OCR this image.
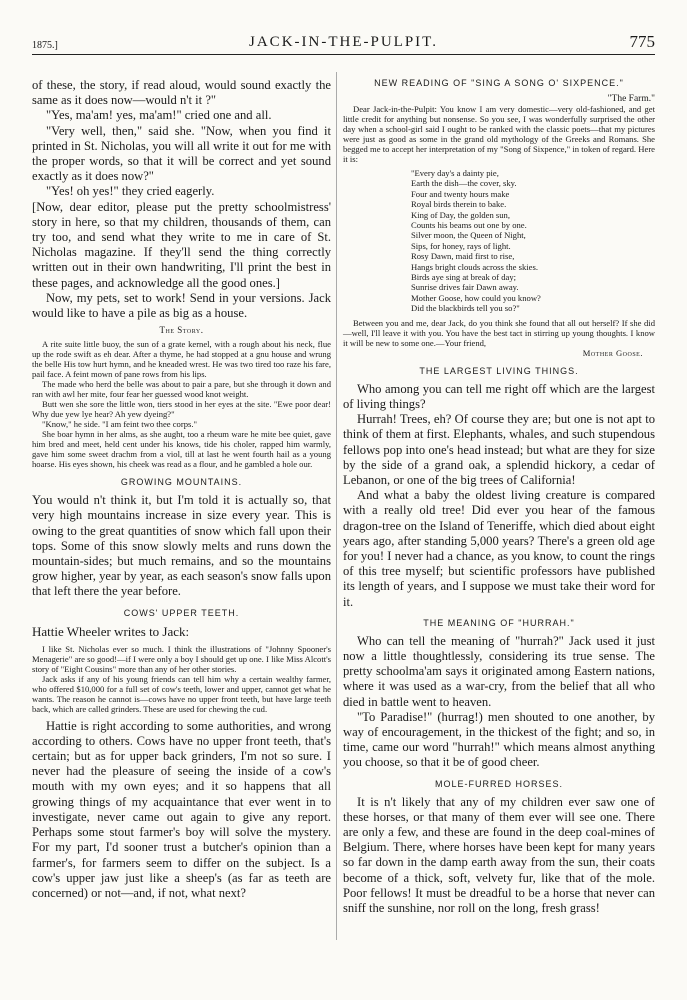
1875.]	JACK-IN-THE-PULPIT.	775

of these, the story, if read aloud, would sound exactly the same as it does now—would n't it ?"

"Yes, ma'am! yes, ma'am!" cried one and all.

"Very well, then," said she. "Now, when you find it printed in St. Nicholas, you will all write it out for me with the proper words, so that it will be correct and yet sound exactly as it does now?"

"Yes! oh yes!" they cried eagerly.

[Now, dear editor, please put the pretty schoolmistress' story in here, so that my children, thousands of them, can try too, and send what they write to me in care of St. Nicholas magazine. If they'll send the thing correctly written out in their own handwriting, I'll print the best in these pages, and acknowledge all the good ones.]

Now, my pets, set to work! Send in your versions. Jack would like to have a pile as big as a house.

The Story.

A rite suite little buoy, the sun of a grate kernel, with a rough about his neck, flue up the rode swift as eh dear. After a thyme, he had stopped at a gnu house and wrung the belle His tow hurt hymn, and he kneaded wrest. He was two tired too raze his fare, pail face. A feint mown of pane rows from his lips.

The made who herd the belle was about to pair a pare, but she through it down and ran with awl her mite, four fear her guessed wood knot weight.

Butt wen she sore the little won, tiers stood in her eyes at the site. "Ewe poor dear! Why due yew lye hear? Ah yew dyeing?"

"Know," he side. "I am feint two thee corps."

She boar hymn in her alms, as she aught, too a rheum ware he mite bee quiet, gave him bred and meet, held cent under his knows, tide his choler, rapped him warmly, gave him some sweet drachm from a viol, till at last he went fourth hail as a young hoarse. His eyes shown, his cheek was read as a flour, and he gambled a hole our.

GROWING MOUNTAINS.

You would n't think it, but I'm told it is actually so, that very high mountains increase in size every year. This is owing to the great quantities of snow which fall upon their tops. Some of this snow slowly melts and runs down the mountain-sides; but much remains, and so the mountains grow higher, year by year, as each season's snow falls upon that left there the year before.

COWS' UPPER TEETH.
Hattie Wheeler writes to Jack:

I like St. Nicholas ever so much. I think the illustrations of "Johnny Spooner's Menagerie" are so good!—if I were only a boy I should get up one. I like Miss Alcott's story of "Eight Cousins" more than any of her other stories.

Jack asks if any of his young friends can tell him why a certain wealthy farmer, who offered $10,000 for a full set of cow's teeth, lower and upper, cannot get what he wants. The reason he cannot is—cows have no upper front teeth, but have large teeth back, which are called grinders. These are used for chewing the cud.

Hattie is right according to some authorities, and wrong according to others. Cows have no upper front teeth, that's certain; but as for upper back grinders, I'm not so sure. I never had the pleasure of seeing the inside of a cow's mouth with my own eyes; and it so happens that all growing things of my acquaintance that ever went in to investigate, never came out again to give any report. Perhaps some stout farmer's boy will solve the mystery. For my part, I'd sooner trust a butcher's opinion than a farmer's, for farmers seem to differ on the subject. Is a cow's upper jaw just like a sheep's (as far as teeth are concerned) or not—and, if not, what next?

NEW READING OF "SING A SONG O' SIXPENCE."
"The Farm."

Dear Jack-in-the-Pulpit: You know I am very domestic—very old-fashioned, and get little credit for anything but nonsense. So you see, I was wonderfully surprised the other day when a school-girl said I ought to be ranked with the classic poets—that my pictures were just as good as some in the grand old mythology of the Greeks and Romans. She begged me to accept her interpretation of my "Song of Sixpence," in token of regard. Here it is:

"Every day's a dainty pie,
Earth the dish—the cover, sky.
Four and twenty hours make
Royal birds therein to bake.
King of Day, the golden sun,
Counts his beams out one by one.
Silver moon, the Queen of Night,
Sips, for honey, rays of light.
Rosy Dawn, maid first to rise,
Hangs bright clouds across the skies.
Birds aye sing at break of day;
Sunrise drives fair Dawn away.
Mother Goose, how could you know?
Did the blackbirds tell you so?"

Between you and me, dear Jack, do you think she found that all out herself? If she did—well, I'll leave it with you. You have the best tact in stirring up young thoughts. I know it will be new to some one.—Your friend,

Mother Goose.
THE LARGEST LIVING THINGS.

Who among you can tell me right off which are the largest of living things?

Hurrah! Trees, eh? Of course they are; but one is not apt to think of them at first. Elephants, whales, and such stupendous fellows pop into one's head instead; but what are they for size by the side of a grand oak, a splendid hickory, a cedar of Lebanon, or one of the big trees of California!

And what a baby the oldest living creature is compared with a really old tree! Did ever you hear of the famous dragon-tree on the Island of Teneriffe, which died about eight years ago, after standing 5,000 years? There's a green old age for you! I never had a chance, as you know, to count the rings of this tree myself; but scientific professors have published its length of years, and I suppose we must take their word for it.

THE MEANING OF "HURRAH."

Who can tell the meaning of "hurrah?" Jack used it just now a little thoughtlessly, considering its true sense. The pretty schoolma'am says it originated among Eastern nations, where it was used as a war-cry, from the belief that all who died in battle went to heaven.

"To Paradise!" (hurrag!) men shouted to one another, by way of encouragement, in the thickest of the fight; and so, in time, came our word "hurrah!" which means almost anything you choose, so that it be of good cheer.

MOLE-FURRED HORSES.

It is n't likely that any of my children ever saw one of these horses, or that many of them ever will see one. There are only a few, and these are found in the deep coal-mines of Belgium. There, where horses have been kept for many years so far down in the damp earth away from the sun, their coats become of a thick, soft, velvety fur, like that of the mole. Poor fellows! It must be dreadful to be a horse that never can sniff the sunshine, nor roll on the long, fresh grass!
